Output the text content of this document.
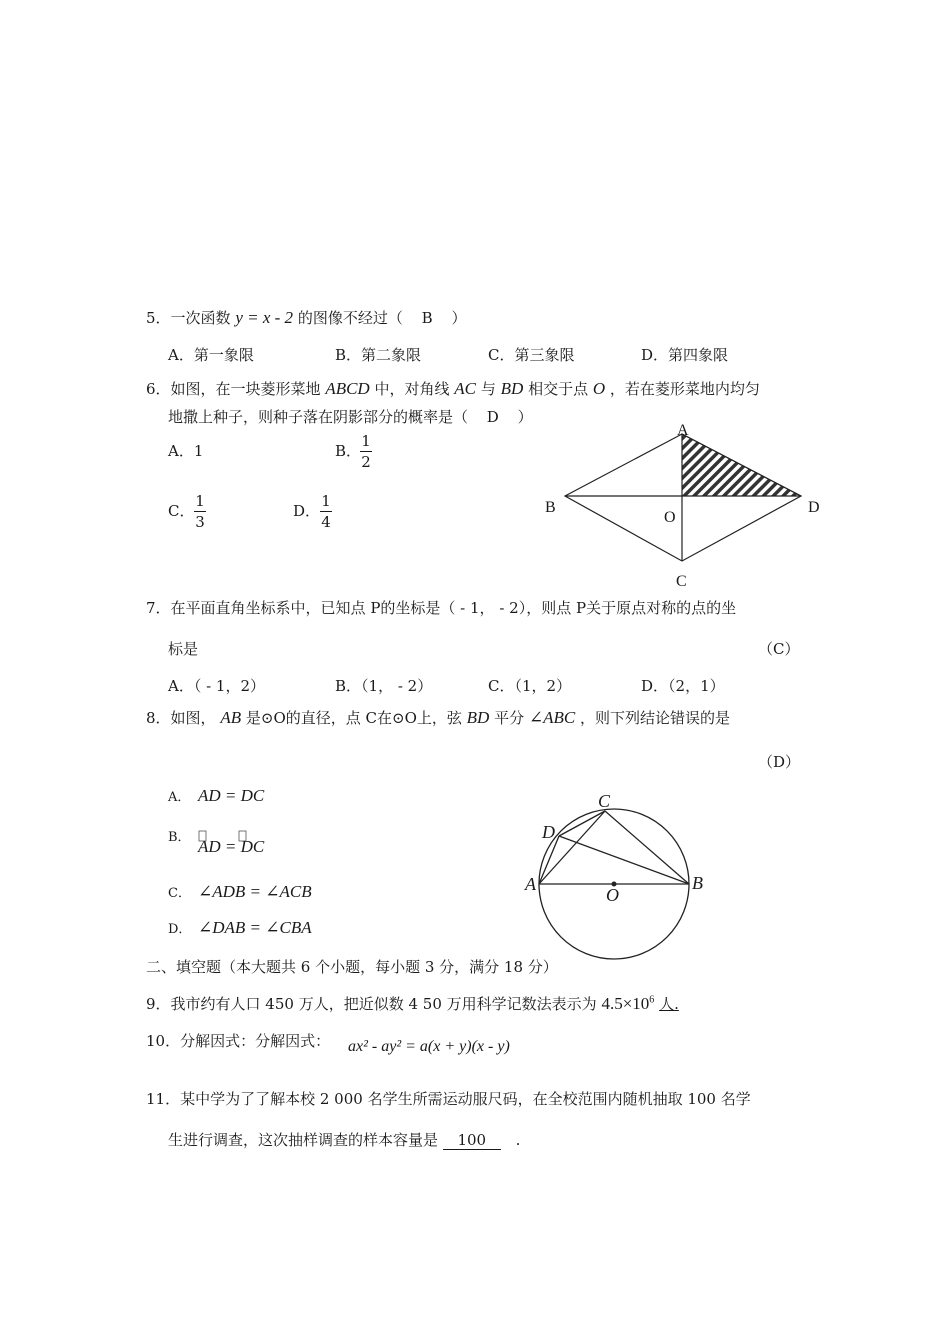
5．一次函数 y = x - 2 的图像不经过（ B ）
A．第一象限	B．第二象限	C．第三象限	D．第四象限
6．如图，在一块菱形菜地 ABCD 中，对角线 AC 与 BD 相交于点 O ，若在菱形菜地内均匀
地撒上种子，则种子落在阴影部分的概率是（ D ）
A．1	B．
1
2
C．
1
3
D．
1
4
A
B	D
O
C
7．在平面直角坐标系中，已知点 P的坐标是（ - 1， - 2），则点 P关于原点对称的点的坐
标是	（C）
A．（ - 1，2）	B．（1， - 2）	C．（1，2）	D．（2，1）
8．如图， AB 是⊙O的直径，点 C在⊙O上，弦 BD 平分 ∠ABC ，则下列结论错误的是
（D）
A． AD = DC
B． AD = DC
C． ∠ADB = ∠ACB
D． ∠DAB = ∠CBA
C
D
A	B
O
二、填空题（本大题共 6 个小题，每小题 3 分，满分 18 分）
9．我市约有人口 450 万人，把近似数 4 50 万用科学记数法表示为 $4.5\times 10^6$ 人.
10．分解因式：分解因式： ax² - ay² = a(x + y)(x - y)
11．某中学为了了解本校 2 000 名学生所需运动服尺码，在全校范围内随机抽取 100 名学
生进行调查，这次抽样调查的样本容量是 100 .
